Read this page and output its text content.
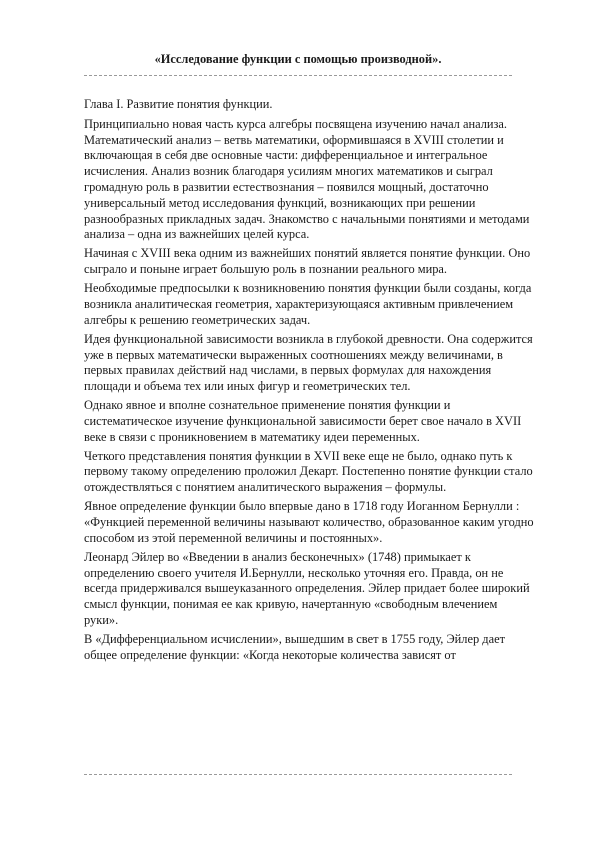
«Исследование функции с помощью производной».

Глава I. Развитие понятия функции.

Принципиально новая часть курса алгебры посвящена изучению начал анализа. Математический анализ – ветвь математики, оформившаяся в XVIII столетии и включающая в себя две основные части: дифференциальное и интегральное исчисления. Анализ возник благодаря усилиям многих математиков и сыграл громадную роль в развитии естествознания – появился мощный, достаточно универсальный метод исследования функций, возникающих при решении разнообразных прикладных задач. Знакомство с начальными понятиями и методами анализа – одна из важнейших целей курса.

Начиная с XVIII века одним из важнейших понятий является понятие функции. Оно сыграло и поныне играет большую роль в познании реального мира.

Необходимые предпосылки к возникновению понятия функции были созданы, когда возникла аналитическая геометрия, характеризующаяся активным привлечением алгебры к решению геометрических задач.

Идея функциональной зависимости возникла в глубокой древности. Она содержится уже в первых математически выраженных соотношениях между величинами, в первых правилах действий над числами, в первых формулах для нахождения площади и объема тех или иных фигур и геометрических тел.

Однако явное и вполне сознательное применение понятия функции и систематическое изучение функциональной зависимости берет свое начало в XVII веке в связи с проникновением в математику идеи переменных.

Четкого представления понятия функции в XVII веке еще не было, однако путь к первому такому определению проложил Декарт. Постепенно понятие функции стало отождествляться с понятием аналитического выражения – формулы.

Явное определение функции было впервые дано в 1718 году Иоганном Бернулли : «Функцией переменной величины называют количество, образованное каким угодно способом из этой переменной величины и постоянных».

Леонард Эйлер во «Введении в анализ бесконечных» (1748) примыкает к определению своего учителя И.Бернулли, несколько уточняя его. Правда, он не всегда придерживался вышеуказанного определения. Эйлер придает более широкий смысл функции, понимая ее как кривую, начертанную «свободным влечением руки».

В «Дифференциальном исчислении», вышедшим в свет в 1755 году, Эйлер дает общее определение функции: «Когда некоторые количества зависят от
